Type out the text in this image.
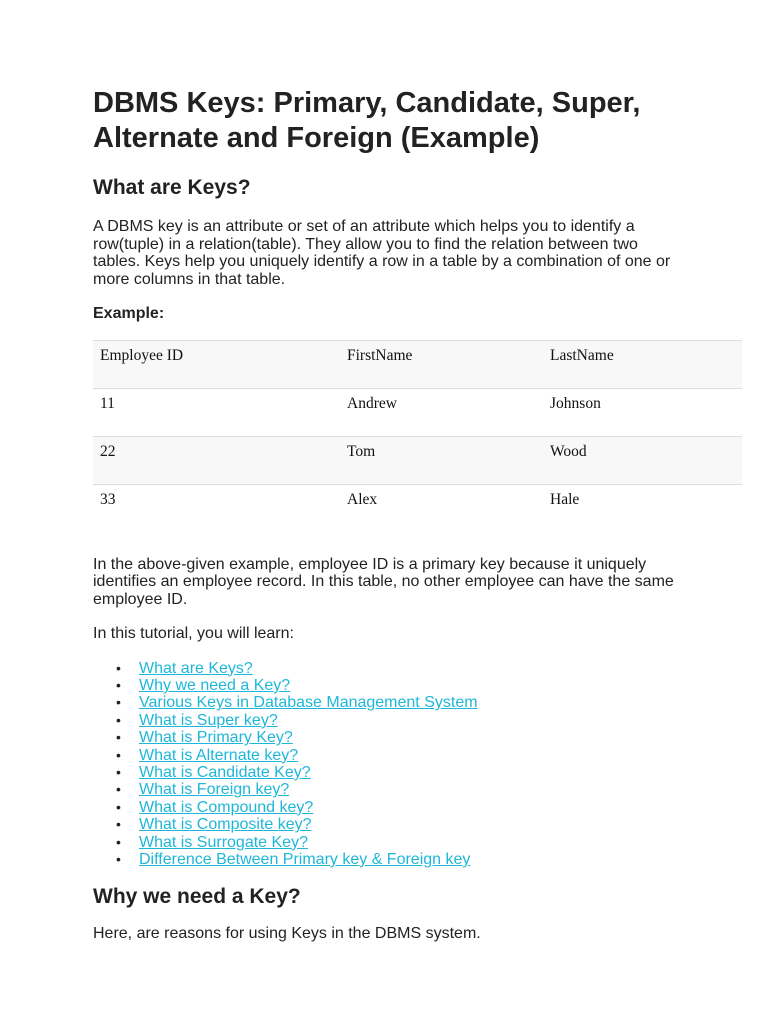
DBMS Keys: Primary, Candidate, Super, Alternate and Foreign (Example)
What are Keys?

A DBMS key is an attribute or set of an attribute which helps you to identify a row(tuple) in a relation(table). They allow you to find the relation between two tables. Keys help you uniquely identify a row in a table by a combination of one or more columns in that table.

Example:

Employee ID	FirstName	LastName
11	Andrew	Johnson
22	Tom	Wood
33	Alex	Hale

In the above-given example, employee ID is a primary key because it uniquely identifies an employee record. In this table, no other employee can have the same employee ID.

In this tutorial, you will learn:

• What are Keys?
• Why we need a Key?
• Various Keys in Database Management System
• What is Super key?
• What is Primary Key?
• What is Alternate key?
• What is Candidate Key?
• What is Foreign key?
• What is Compound key?
• What is Composite key?
• What is Surrogate Key?
• Difference Between Primary key & Foreign key
Why we need a Key?

Here, are reasons for using Keys in the DBMS system.
